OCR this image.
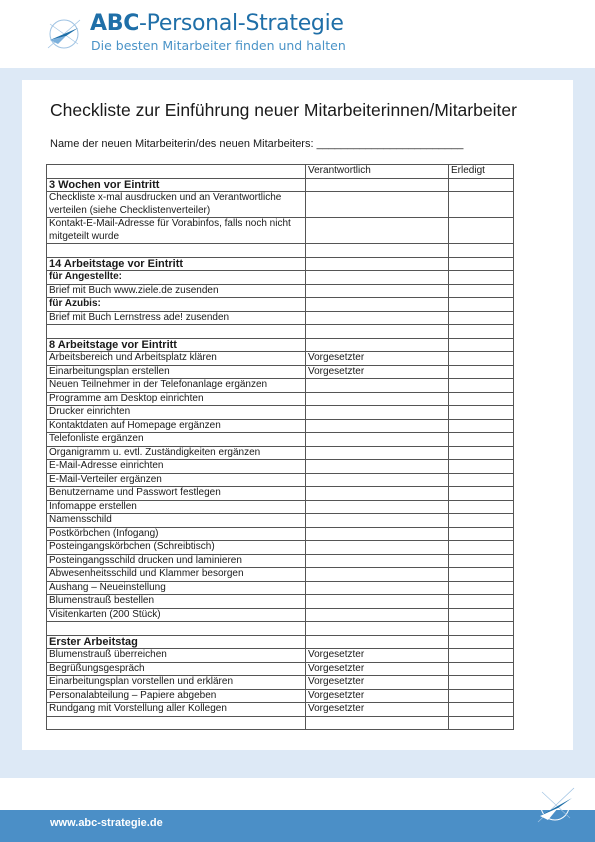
ABC-Personal-Strategie
Die besten Mitarbeiter finden und halten
Checkliste zur Einführung neuer Mitarbeiterinnen/Mitarbeiter
Name der neuen Mitarbeiterin/des neuen Mitarbeiters: ________________________
	Verantwortlich	Erledigt
3 Wochen vor Eintritt		
Checkliste x-mal ausdrucken und an Verantwortliche verteilen (siehe Checklistenverteiler)		
Kontakt-E-Mail-Adresse für Vorabinfos, falls noch nicht mitgeteilt wurde		

14 Arbeitstage vor Eintritt		
für Angestellte:		
Brief mit Buch www.ziele.de zusenden		
für Azubis:		
Brief mit Buch Lernstress ade! zusenden		

8 Arbeitstage vor Eintritt		
Arbeitsbereich und Arbeitsplatz klären	Vorgesetzter	
Einarbeitungsplan erstellen	Vorgesetzter	
Neuen Teilnehmer in der Telefonanlage ergänzen		
Programme am Desktop einrichten		
Drucker einrichten		
Kontaktdaten auf Homepage ergänzen		
Telefonliste ergänzen		
Organigramm u. evtl. Zuständigkeiten ergänzen		
E-Mail-Adresse einrichten		
E-Mail-Verteiler ergänzen		
Benutzername und Passwort festlegen		
Infomappe erstellen		
Namensschild		
Postkörbchen (Infogang)		
Posteingangskörbchen (Schreibtisch)		
Posteingangsschild drucken und laminieren		
Abwesenheitsschild und Klammer besorgen		
Aushang – Neueinstellung		
Blumenstrauß bestellen		
Visitenkarten (200 Stück)		

Erster Arbeitstag		
Blumenstrauß überreichen	Vorgesetzter	
Begrüßungsgespräch	Vorgesetzter	
Einarbeitungsplan vorstellen und erklären	Vorgesetzter	
Personalabteilung – Papiere abgeben	Vorgesetzter	
Rundgang mit Vorstellung aller Kollegen	Vorgesetzter	

www.abc-strategie.de
